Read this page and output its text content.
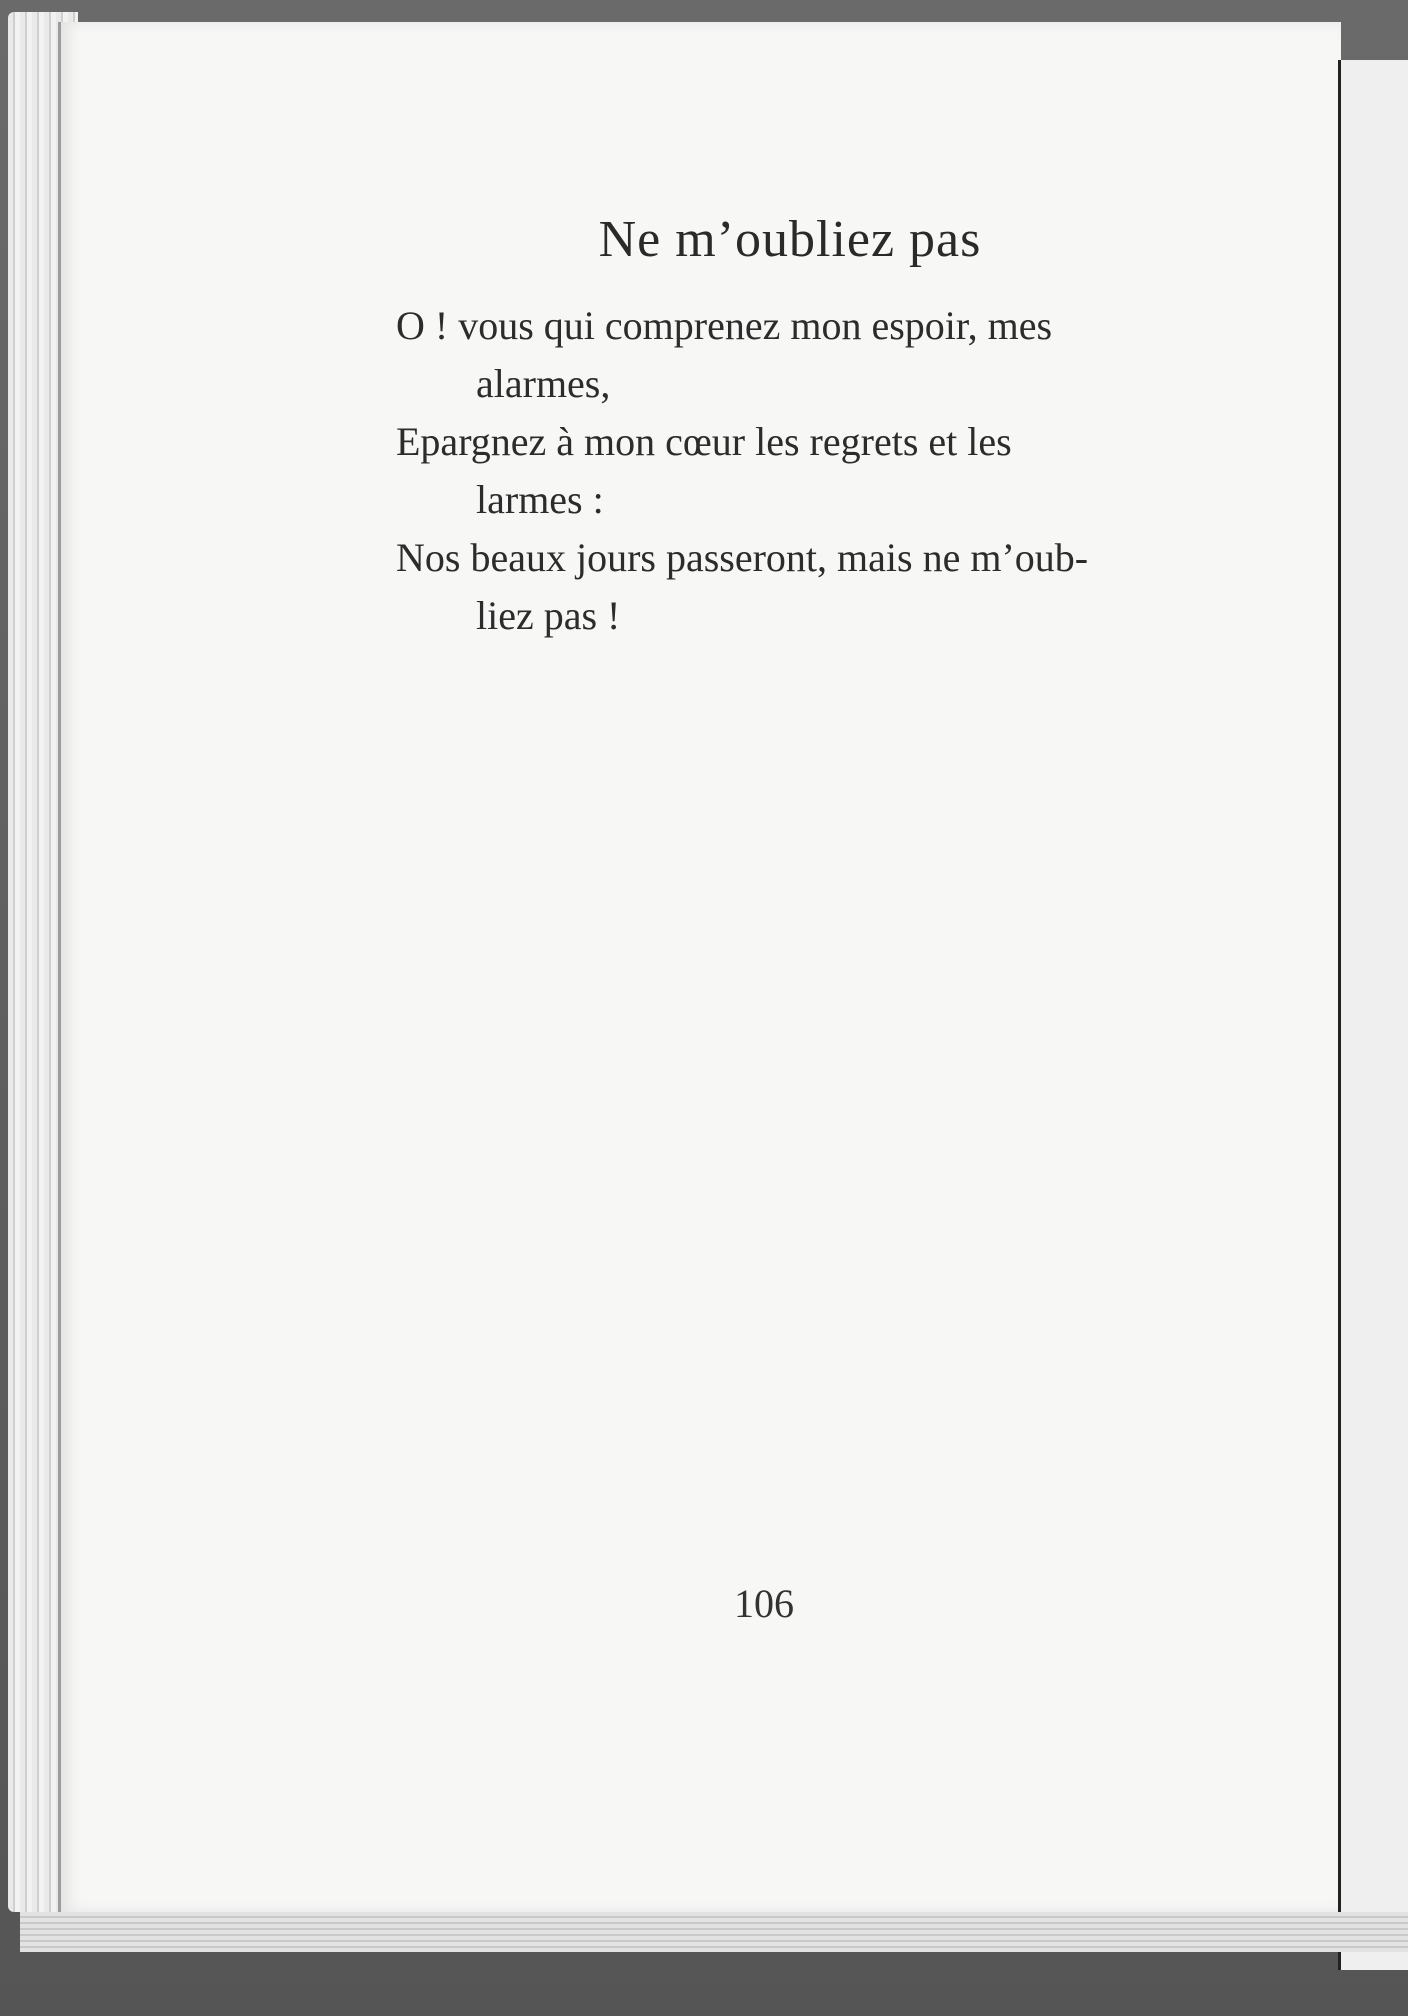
Ne m’oubliez pas
O ! vous qui comprenez mon espoir, mes
alarmes,
Epargnez à mon cœur les regrets et les
larmes :
Nos beaux jours passeront, mais ne m’oub-
liez pas !
106
